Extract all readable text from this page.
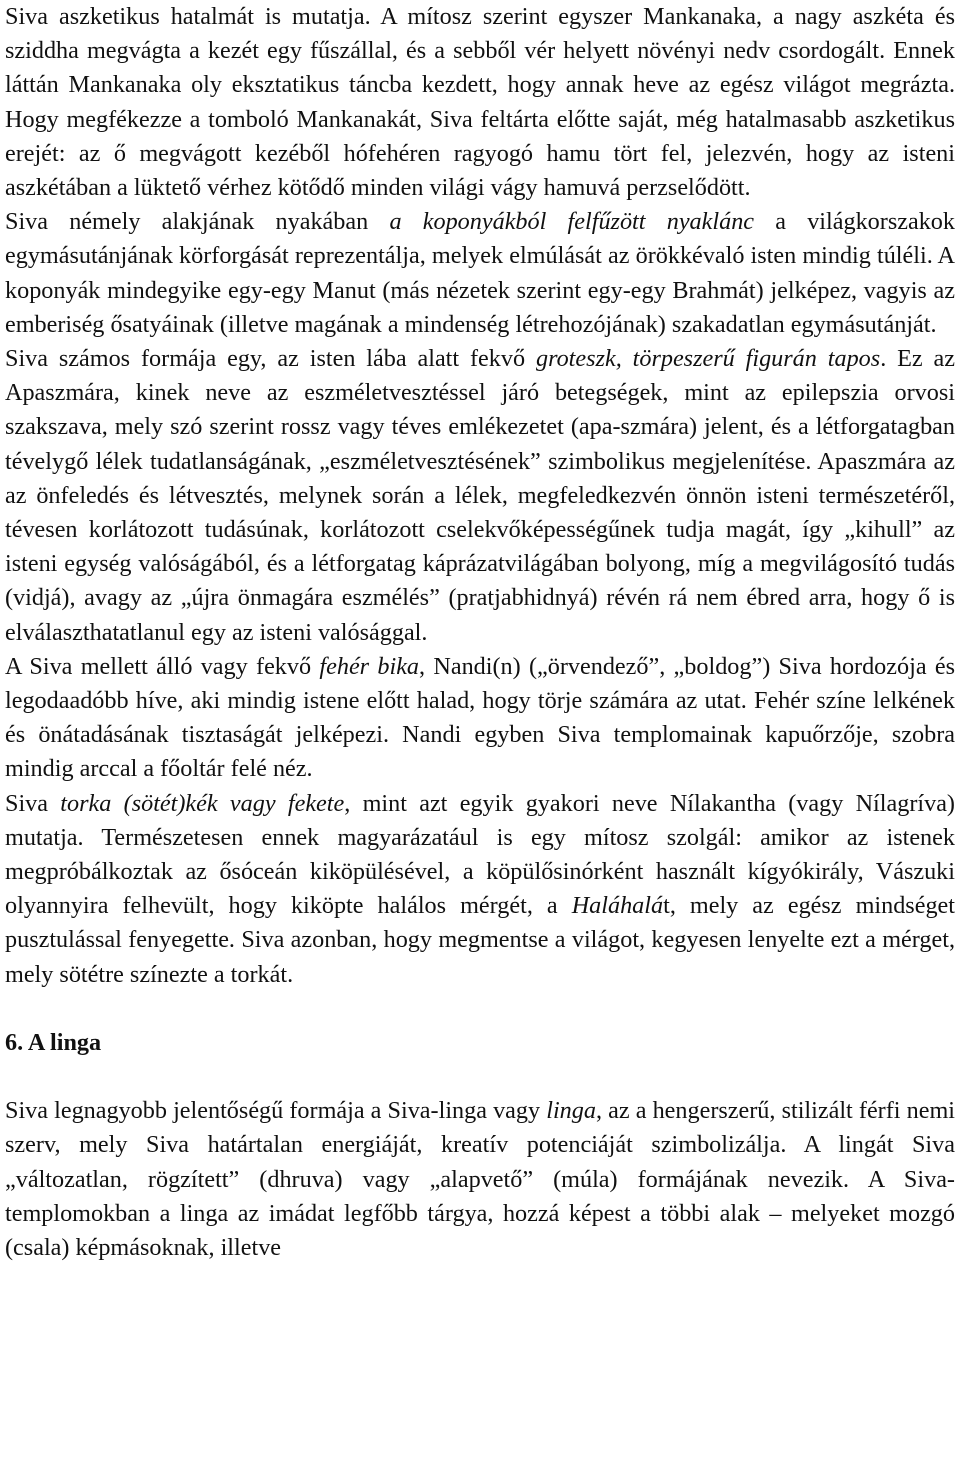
Siva aszketikus hatalmát is mutatja. A mítosz szerint egyszer Mankanaka, a nagy aszkéta és sziddha megvágta a kezét egy fűszállal, és a sebből vér helyett növényi nedv csordogált. Ennek láttán Mankanaka oly eksztatikus táncba kezdett, hogy annak heve az egész világot megrázta. Hogy megfékezze a tomboló Mankanakát, Siva feltárta előtte saját, még hatalmasabb aszketikus erejét: az ő megvágott kezéből hófehéren ragyogó hamu tört fel, jelezvén, hogy az isteni aszkétában a lüktető vérhez kötődő minden világi vágy hamuvá perzselődött.

Siva némely alakjának nyakában a koponyákból felfűzött nyaklánc a világkorszakok egymásutánjának körforgását reprezentálja, melyek elmúlását az örökkévaló isten mindig túléli. A koponyák mindegyike egy-egy Manut (más nézetek szerint egy-egy Brahmát) jelképez, vagyis az emberiség ősatyáinak (illetve magának a mindenség létrehozójának) szakadatlan egymásutánját.

Siva számos formája egy, az isten lába alatt fekvő groteszk, törpeszerű figurán tapos. Ez az Apaszmára, kinek neve az eszméletvesztéssel járó betegségek, mint az epilepszia orvosi szakszava, mely szó szerint rossz vagy téves emlékezetet (apa-szmára) jelent, és a létforgatagban tévelygő lélek tudatlanságának, „eszméletvesztésének” szimbolikus megjelenítése. Apaszmára az az önfeledés és létvesztés, melynek során a lélek, megfeledkezvén önnön isteni természetéről, tévesen korlátozott tudásúnak, korlátozott cselekvőképességűnek tudja magát, így „kihull” az isteni egység valóságából, és a létforgatag káprázatvilágában bolyong, míg a megvilágosító tudás (vidjá), avagy az „újra önmagára eszmélés” (pratjabhidnyá) révén rá nem ébred arra, hogy ő is elválaszthatatlanul egy az isteni valósággal.

A Siva mellett álló vagy fekvő fehér bika, Nandi(n) („örvendező”, „boldog”) Siva hordozója és legodaadóbb híve, aki mindig istene előtt halad, hogy törje számára az utat. Fehér színe lelkének és önátadásának tisztaságát jelképezi. Nandi egyben Siva templomainak kapuőrzője, szobra mindig arccal a főoltár felé néz.

Siva torka (sötét)kék vagy fekete, mint azt egyik gyakori neve Nílakantha (vagy Nílagríva) mutatja. Természetesen ennek magyarázatául is egy mítosz szolgál: amikor az istenek megpróbálkoztak az ősóceán kiköpülésével, a köpülősinórként használt kígyókirály, Vászuki olyannyira felhevült, hogy kiköpte halálos mérgét, a Haláhalát, mely az egész mindséget pusztulással fenyegette. Siva azonban, hogy megmentse a világot, kegyesen lenyelte ezt a mérget, mely sötétre színezte a torkát.

6. A linga

Siva legnagyobb jelentőségű formája a Siva-linga vagy linga, az a hengerszerű, stilizált férfi nemi szerv, mely Siva határtalan energiáját, kreatív potenciáját szimbolizálja. A lingát Siva „változatlan, rögzített” (dhruva) vagy „alapvető” (múla) formájának nevezik. A Siva-templomokban a linga az imádat legfőbb tárgya, hozzá képest a többi alak – melyeket mozgó (csala) képmásoknak, illetve
